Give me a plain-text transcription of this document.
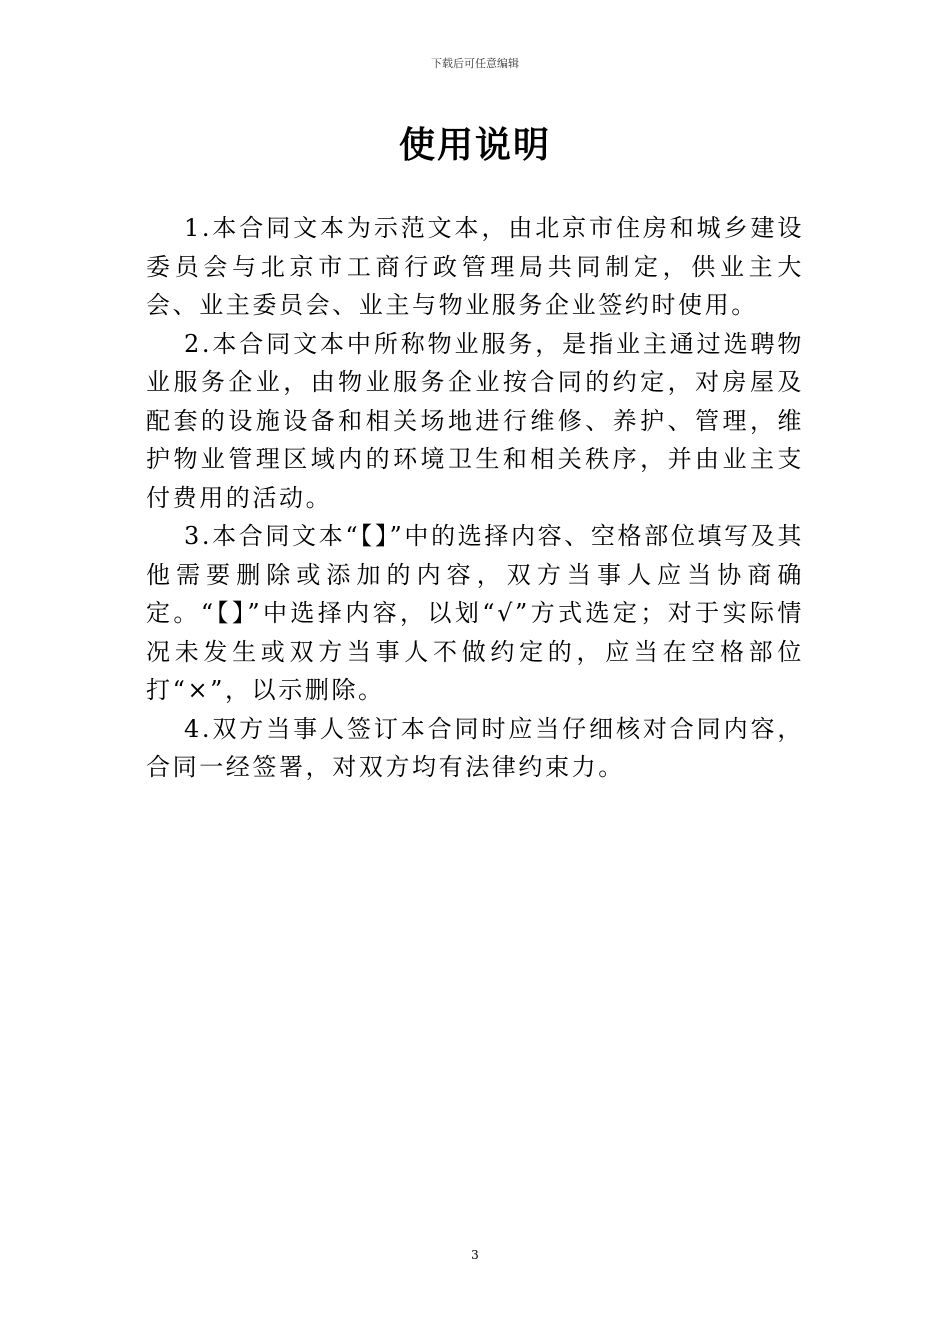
下载后可任意编辑
使用说明

1.本合同文本为示范文本，由北京市住房和城乡建设委员会与北京市工商行政管理局共同制定，供业主大会、业主委员会、业主与物业服务企业签约时使用。

2.本合同文本中所称物业服务，是指业主通过选聘物业服务企业，由物业服务企业按合同的约定，对房屋及配套的设施设备和相关场地进行维修、养护、管理，维护物业管理区域内的环境卫生和相关秩序，并由业主支付费用的活动。

3.本合同文本“【】”中的选择内容、空格部位填写及其他需要删除或添加的内容，双方当事人应当协商确定。“【】”中选择内容，以划“√”方式选定；对于实际情况未发生或双方当事人不做约定的，应当在空格部位打“×”，以示删除。

4.双方当事人签订本合同时应当仔细核对合同内容，合同一经签署，对双方均有法律约束力。

3
